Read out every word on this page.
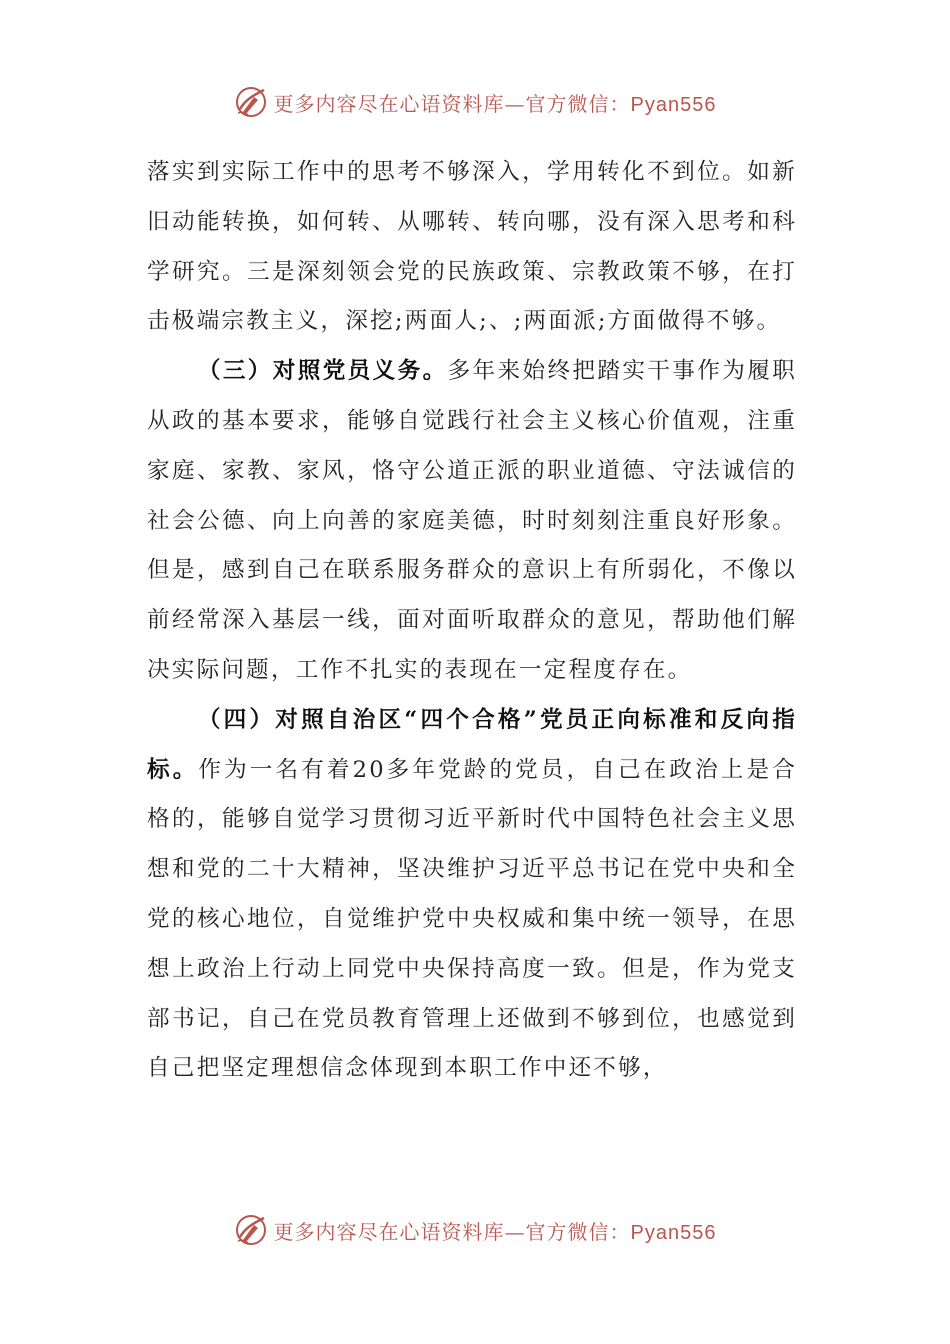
更多内容尽在心语资料库—官方微信：Pyan556

落实到实际工作中的思考不够深入，学用转化不到位。如新旧动能转换，如何转、从哪转、转向哪，没有深入思考和科学研究。三是深刻领会党的民族政策、宗教政策不够，在打击极端宗教主义，深挖;两面人;、;两面派;方面做得不够。

（三）对照党员义务。多年来始终把踏实干事作为履职从政的基本要求，能够自觉践行社会主义核心价值观，注重家庭、家教、家风，恪守公道正派的职业道德、守法诚信的社会公德、向上向善的家庭美德，时时刻刻注重良好形象。但是，感到自己在联系服务群众的意识上有所弱化，不像以前经常深入基层一线，面对面听取群众的意见，帮助他们解决实际问题，工作不扎实的表现在一定程度存在。

（四）对照自治区“四个合格”党员正向标准和反向指标。作为一名有着20多年党龄的党员，自己在政治上是合格的，能够自觉学习贯彻习近平新时代中国特色社会主义思想和党的二十大精神，坚决维护习近平总书记在党中央和全党的核心地位，自觉维护党中央权威和集中统一领导，在思想上政治上行动上同党中央保持高度一致。但是，作为党支部书记，自己在党员教育管理上还做到不够到位，也感觉到自己把坚定理想信念体现到本职工作中还不够，

更多内容尽在心语资料库—官方微信：Pyan556
